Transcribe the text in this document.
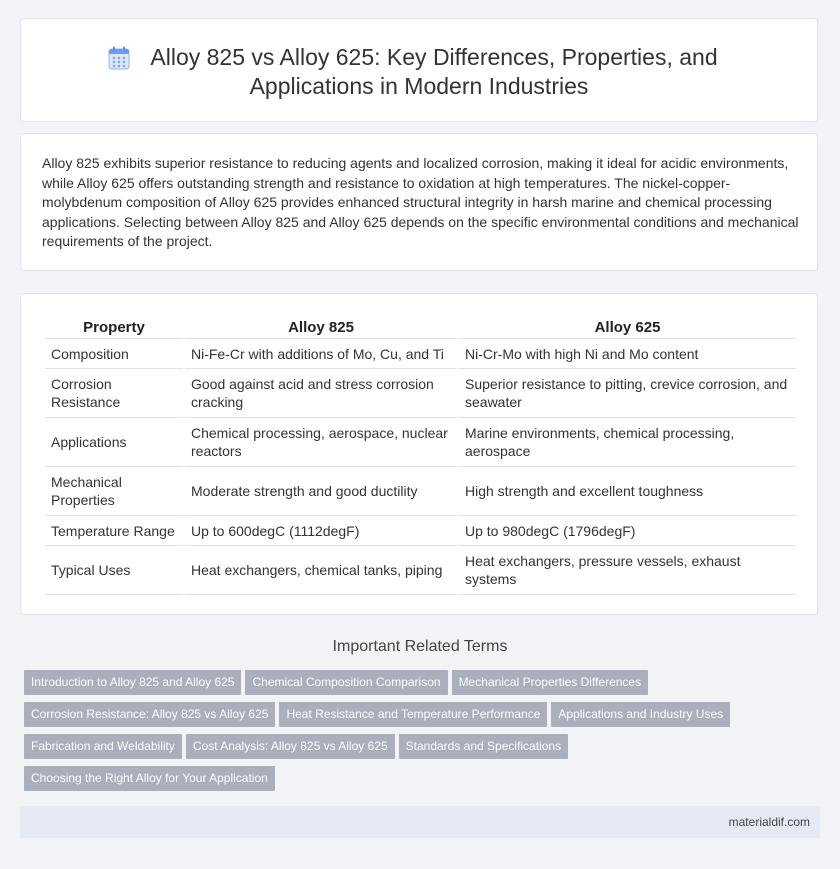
Alloy 825 vs Alloy 625: Key Differences, Properties, and
Applications in Modern Industries
Alloy 825 exhibits superior resistance to reducing agents and localized corrosion, making it ideal for acidic environments, while Alloy 625 offers outstanding strength and resistance to oxidation at high temperatures. The nickel-copper-molybdenum composition of Alloy 625 provides enhanced structural integrity in harsh marine and chemical processing applications. Selecting between Alloy 825 and Alloy 625 depends on the specific environmental conditions and mechanical requirements of the project.
Property	Alloy 825	Alloy 625
Composition	Ni-Fe-Cr with additions of Mo, Cu, and Ti	Ni-Cr-Mo with high Ni and Mo content
Corrosion Resistance	Good against acid and stress corrosion cracking	Superior resistance to pitting, crevice corrosion, and seawater
Applications	Chemical processing, aerospace, nuclear reactors	Marine environments, chemical processing, aerospace
Mechanical Properties	Moderate strength and good ductility	High strength and excellent toughness
Temperature Range	Up to 600degC (1112degF)	Up to 980degC (1796degF)
Typical Uses	Heat exchangers, chemical tanks, piping	Heat exchangers, pressure vessels, exhaust systems
Important Related Terms
Introduction to Alloy 825 and Alloy 625 Chemical Composition Comparison Mechanical Properties Differences
Corrosion Resistance: Alloy 825 vs Alloy 625 Heat Resistance and Temperature Performance Applications and Industry Uses
Fabrication and Weldability Cost Analysis: Alloy 825 vs Alloy 625 Standards and Specifications
Choosing the Right Alloy for Your Application
materialdif.com
